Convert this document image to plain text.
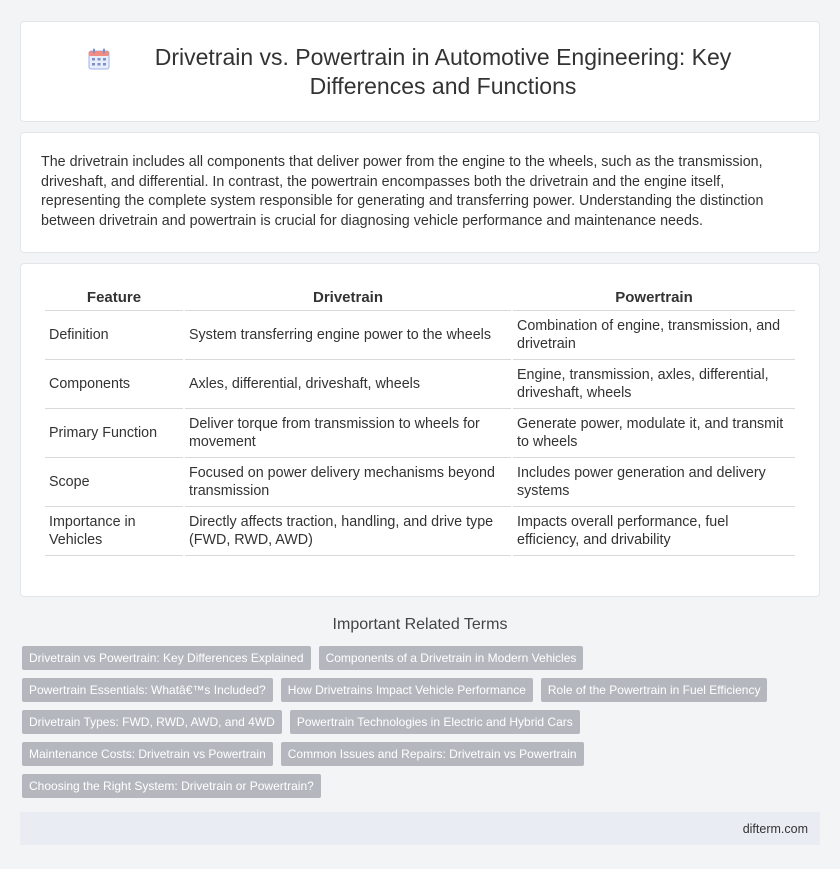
Drivetrain vs. Powertrain in Automotive Engineering: Key Differences and Functions

The drivetrain includes all components that deliver power from the engine to the wheels, such as the transmission, driveshaft, and differential. In contrast, the powertrain encompasses both the drivetrain and the engine itself, representing the complete system responsible for generating and transferring power. Understanding the distinction between drivetrain and powertrain is crucial for diagnosing vehicle performance and maintenance needs.

Feature	Drivetrain	Powertrain
Definition	System transferring engine power to the wheels	Combination of engine, transmission, and drivetrain
Components	Axles, differential, driveshaft, wheels	Engine, transmission, axles, differential, driveshaft, wheels
Primary Function	Deliver torque from transmission to wheels for movement	Generate power, modulate it, and transmit to wheels
Scope	Focused on power delivery mechanisms beyond transmission	Includes power generation and delivery systems
Importance in Vehicles	Directly affects traction, handling, and drive type (FWD, RWD, AWD)	Impacts overall performance, fuel efficiency, and drivability
Important Related Terms
Drivetrain vs Powertrain: Key Differences Explained	Components of a Drivetrain in Modern Vehicles
Powertrain Essentials: Whatâ€™s Included?	How Drivetrains Impact Vehicle Performance	Role of the Powertrain in Fuel Efficiency
Drivetrain Types: FWD, RWD, AWD, and 4WD	Powertrain Technologies in Electric and Hybrid Cars
Maintenance Costs: Drivetrain vs Powertrain	Common Issues and Repairs: Drivetrain vs Powertrain
Choosing the Right System: Drivetrain or Powertrain?
difterm.com
